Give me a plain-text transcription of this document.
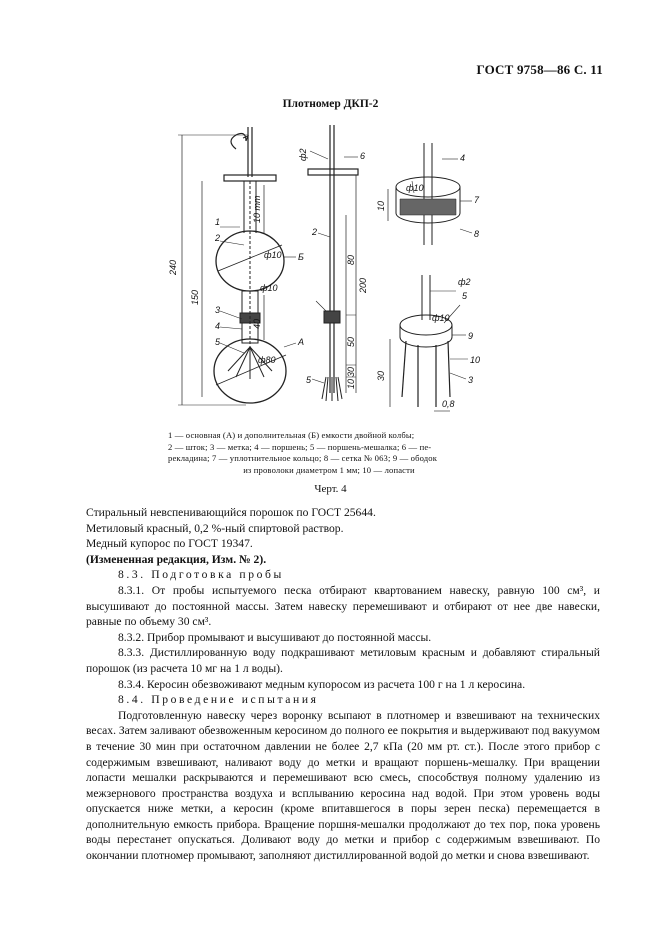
ГОСТ 9758—86 С. 11
Плотномер ДКП-2
240
150
10 mm
40
ф10
ф10
ф80
1
2
3
4
5
Б
А
ф2	6
2
5
200
80
50
30
10
4
ф10
7
8
10
ф2
ф10
5
9
10
3
30
0,8
1 — основная (А) и дополнительная (Б) емкости двойной колбы;
2 — шток; 3 — метка; 4 — поршень; 5 — поршень-мешалка; 6 — пе-
рекладина; 7 — уплотнительное кольцо; 8 — сетка № 063; 9 — ободок
из проволоки диаметром 1 мм; 10 — лопасти
Черт. 4

Стиральный невспенивающийся порошок по ГОСТ 25644.

Метиловый красный, 0,2 %-ный спиртовой раствор.

Медный купорос по ГОСТ 19347.

(Измененная редакция, Изм. № 2).

8.3. Подготовка пробы

8.3.1. От пробы испытуемого песка отбирают квартованием навеску, равную 100 см³, и высушивают до постоянной массы. Затем навеску перемешивают и отбирают от нее две навески, равные по объему 30 см³.

8.3.2. Прибор промывают и высушивают до постоянной массы.

8.3.3. Дистиллированную воду подкрашивают метиловым красным и добавляют стиральный порошок (из расчета 10 мг на 1 л воды).

8.3.4. Керосин обезвоживают медным купоросом из расчета 100 г на 1 л керосина.

8.4. Проведение испытания

Подготовленную навеску через воронку всыпают в плотномер и взвешивают на технических весах. Затем заливают обезвоженным керосином до полного ее покрытия и выдерживают под вакуумом в течение 30 мин при остаточном давлении не более 2,7 кПа (20 мм рт. ст.). После этого прибор с содержимым взвешивают, наливают воду до метки и вращают поршень-мешалку. При вращении лопасти мешалки раскрываются и перемешивают всю смесь, способствуя полному удалению из межзернового пространства воздуха и всплыванию керосина над водой. При этом уровень воды опускается ниже метки, а керосин (кроме впитавшегося в поры зерен песка) перемещается в дополнительную емкость прибора. Вращение поршня-мешалки продолжают до тех пор, пока уровень воды перестанет опускаться. Доливают воду до метки и прибор с содержимым взвешивают. По окончании плотномер промывают, заполняют дистиллированной водой до метки и снова взвешивают.
